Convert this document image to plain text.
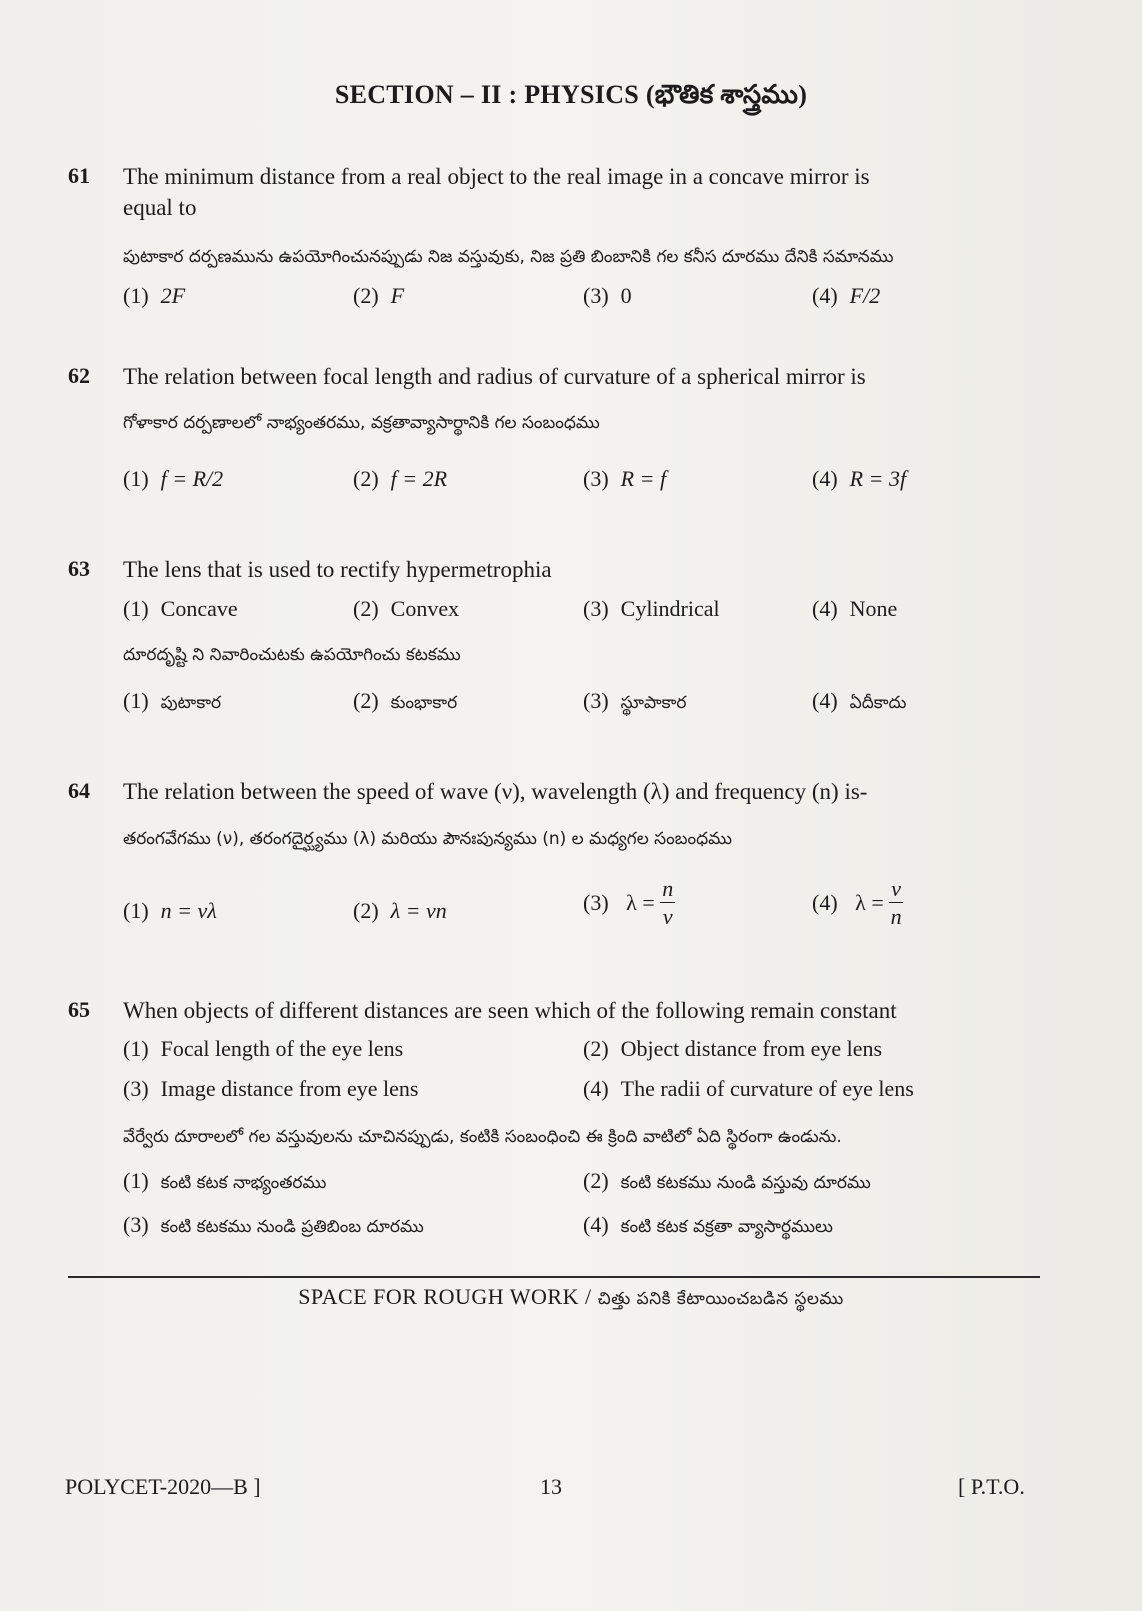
SECTION – II : PHYSICS (భౌతిక శాస్త్రము)
61 The minimum distance from a real object to the real image in a concave mirror is
equal to
పుటాకార దర్పణమును ఉపయోగించునప్పుడు నిజ వస్తువుకు, నిజ ప్రతి బింబానికి గల కనీస దూరము దేనికి సమానము
(1) 2F	(2) F	(3) 0	(4) F/2
62 The relation between focal length and radius of curvature of a spherical mirror is
గోళాకార దర్పణాలలో నాభ్యంతరము, వక్రతావ్యాసార్థానికి గల సంబంధము
(1) f = R/2	(2) f = 2R	(3) R = f	(4) R = 3f
63 The lens that is used to rectify hypermetrophia
(1) Concave	(2) Convex	(3) Cylindrical	(4) None
దూరదృష్టి ని నివారించుటకు ఉపయోగించు కటకము
(1) పుటాకార	(2) కుంభాకార	(3) స్థూపాకార	(4) ఏదీకాదు
64 The relation between the speed of wave (ν), wavelength (λ) and frequency (n) is-
తరంగవేగము (ν), తరంగదైర్ఘ్యము (λ) మరియు పౌనఃపున్యము (n) ల మధ్యగల సంబంధము
(1) n = νλ	(2) λ = νn	(3) $\lambda = \frac{n}{\nu}$	(4) $\lambda = \frac{\nu}{n}$
65 When objects of different distances are seen which of the following remain constant
(1) Focal length of the eye lens	(2) Object distance from eye lens
(3) Image distance from eye lens	(4) The radii of curvature of eye lens
వేర్వేరు దూరాలలో గల వస్తువులను చూచినప్పుడు, కంటికి సంబంధించి ఈ క్రింది వాటిలో ఏది స్థిరంగా ఉండును.
(1) కంటి కటక నాభ్యంతరము	(2) కంటి కటకము నుండి వస్తువు దూరము
(3) కంటి కటకము నుండి ప్రతిబింబ దూరము	(4) కంటి కటక వక్రతా వ్యాసార్థములు
SPACE FOR ROUGH WORK / చిత్తు పనికి కేటాయించబడిన స్థలము
POLYCET-2020—B ]	13	[ P.T.O.
